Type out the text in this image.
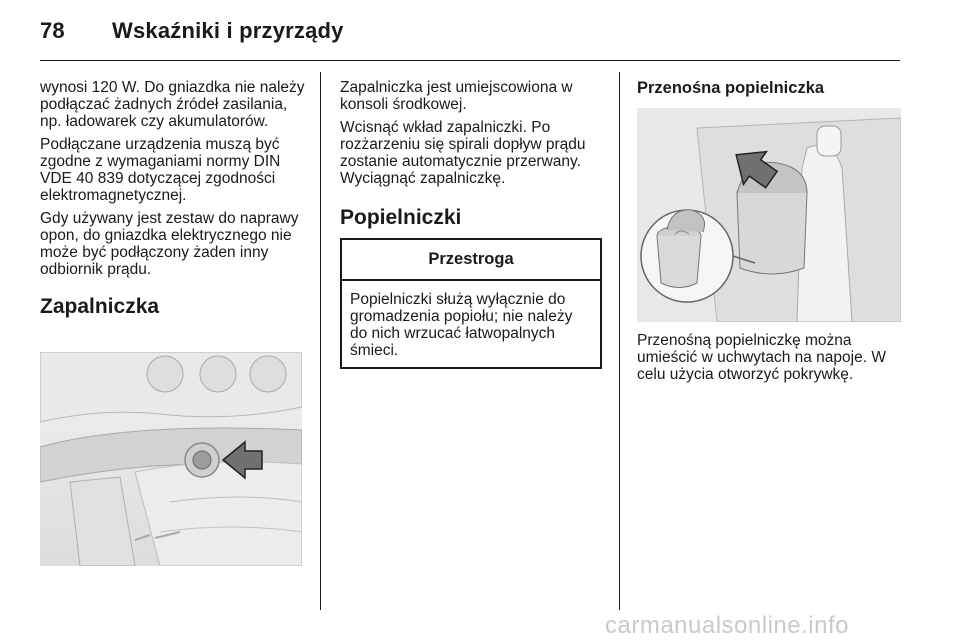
78 Wskaźniki i przyrządy

wynosi 120 W. Do gniazdka nie należy podłączać żadnych źródeł zasilania, np. ładowarek czy akumulatorów.

Podłączane urządzenia muszą być zgodne z wymaganiami normy DIN VDE 40 839 dotyczącej zgodności elektromagnetycznej.

Gdy używany jest zestaw do naprawy opon, do gniazdka elektrycznego nie może być podłączony żaden inny odbiornik prądu.

Zapalniczka

Zapalniczka jest umiejscowiona w konsoli środkowej.

Wcisnąć wkład zapalniczki. Po rozżarzeniu się spirali dopływ prądu zostanie automatycznie przerwany. Wyciągnąć zapalniczkę.

Popielniczki
Przestroga
Popielniczki służą wyłącznie do gromadzenia popiołu; nie należy do nich wrzucać łatwopalnych śmieci.
Przenośna popielniczka

Przenośną popielniczkę można umieścić w uchwytach na napoje. W celu użycia otworzyć pokrywkę.

carmanualsonline.info
